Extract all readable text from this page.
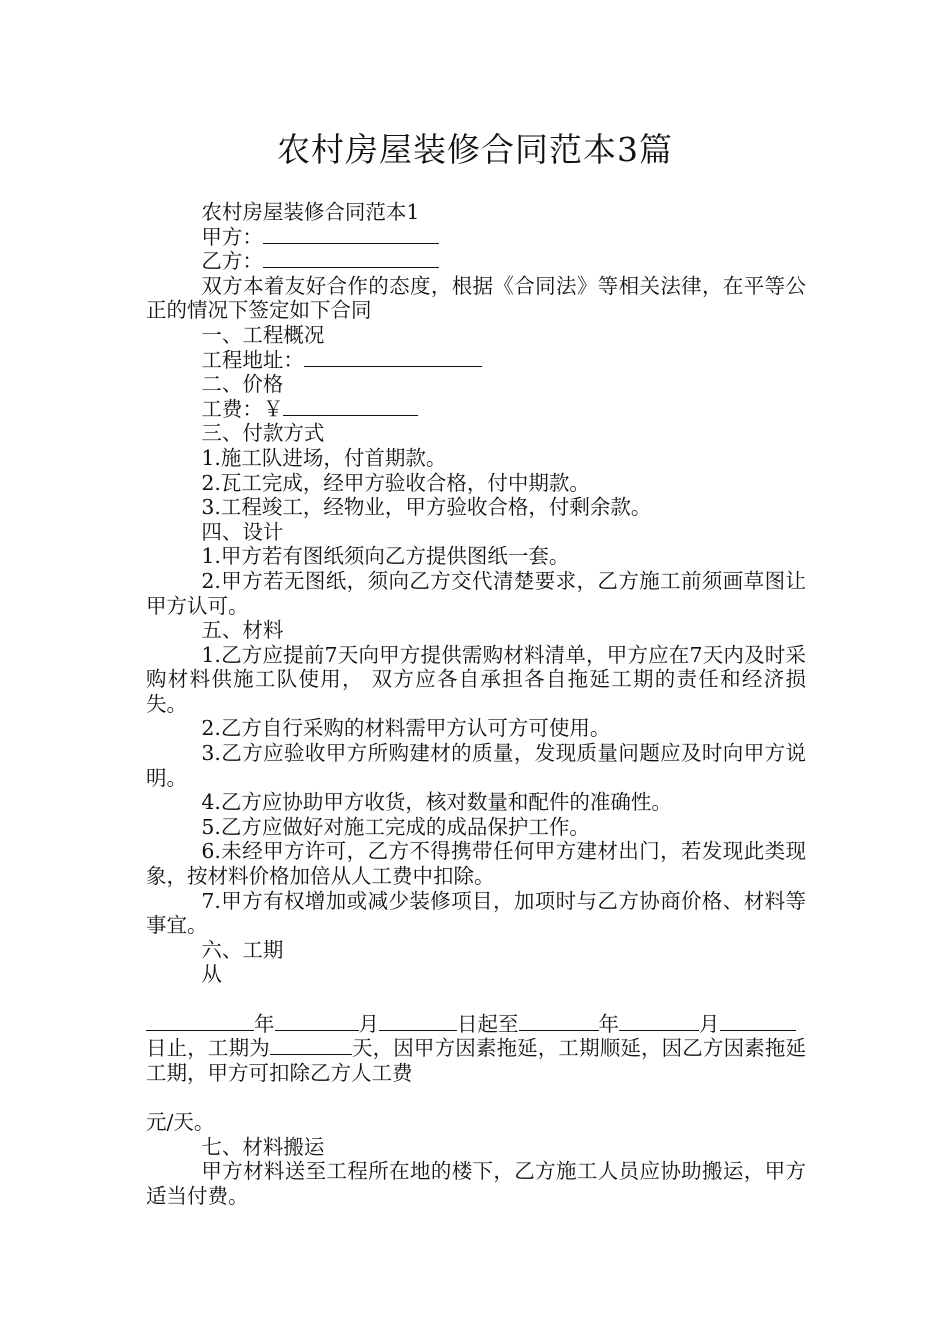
农村房屋装修合同范本3篇

农村房屋装修合同范本1

甲方：

乙方：

双方本着友好合作的态度，根据《合同法》等相关法律，在平等公正的情况下签定如下合同

一、工程概况

工程地址：

二、价格

工费：￥

三、付款方式

1.施工队进场，付首期款。

2.瓦工完成，经甲方验收合格，付中期款。

3.工程竣工，经物业，甲方验收合格，付剩余款。

四、设计

1.甲方若有图纸须向乙方提供图纸一套。

2.甲方若无图纸，须向乙方交代清楚要求，乙方施工前须画草图让甲方认可。

五、材料

1.乙方应提前7天向甲方提供需购材料清单，甲方应在7天内及时采购材料供施工队使用， 双方应各自承担各自拖延工期的责任和经济损失。

2.乙方自行采购的材料需甲方认可方可使用。

3.乙方应验收甲方所购建材的质量，发现质量问题应及时向甲方说明。

4.乙方应协助甲方收货，核对数量和配件的准确性。

5.乙方应做好对施工完成的成品保护工作。

6.未经甲方许可，乙方不得携带任何甲方建材出门，若发现此类现象，按材料价格加倍从人工费中扣除。

7.甲方有权增加或减少装修项目，加项时与乙方协商价格、材料等事宜。

六、工期

从

年	月	日起至	年	月

日止，工期为	天，因甲方因素拖延，工期顺延，因乙方因素拖延工期，甲方可扣除乙方人工费

元/天。

七、材料搬运

甲方材料送至工程所在地的楼下，乙方施工人员应协助搬运，甲方适当付费。
